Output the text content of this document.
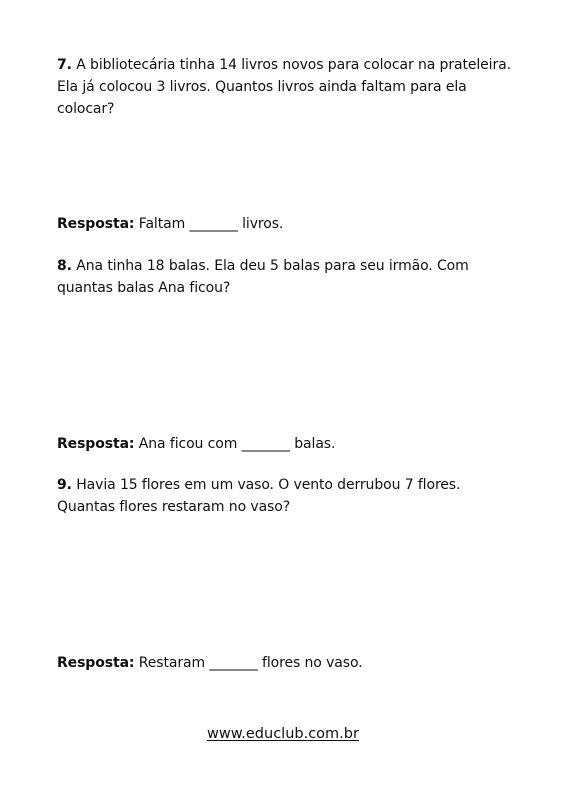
7. A bibliotecária tinha 14 livros novos para colocar na prateleira. Ela já colocou 3 livros. Quantos livros ainda faltam para ela colocar?
Resposta: Faltam _______ livros.
8. Ana tinha 18 balas. Ela deu 5 balas para seu irmão. Com quantas balas Ana ficou?
Resposta: Ana ficou com _______ balas.
9. Havia 15 flores em um vaso. O vento derrubou 7 flores. Quantas flores restaram no vaso?
Resposta: Restaram _______ flores no vaso.
www.educlub.com.br
